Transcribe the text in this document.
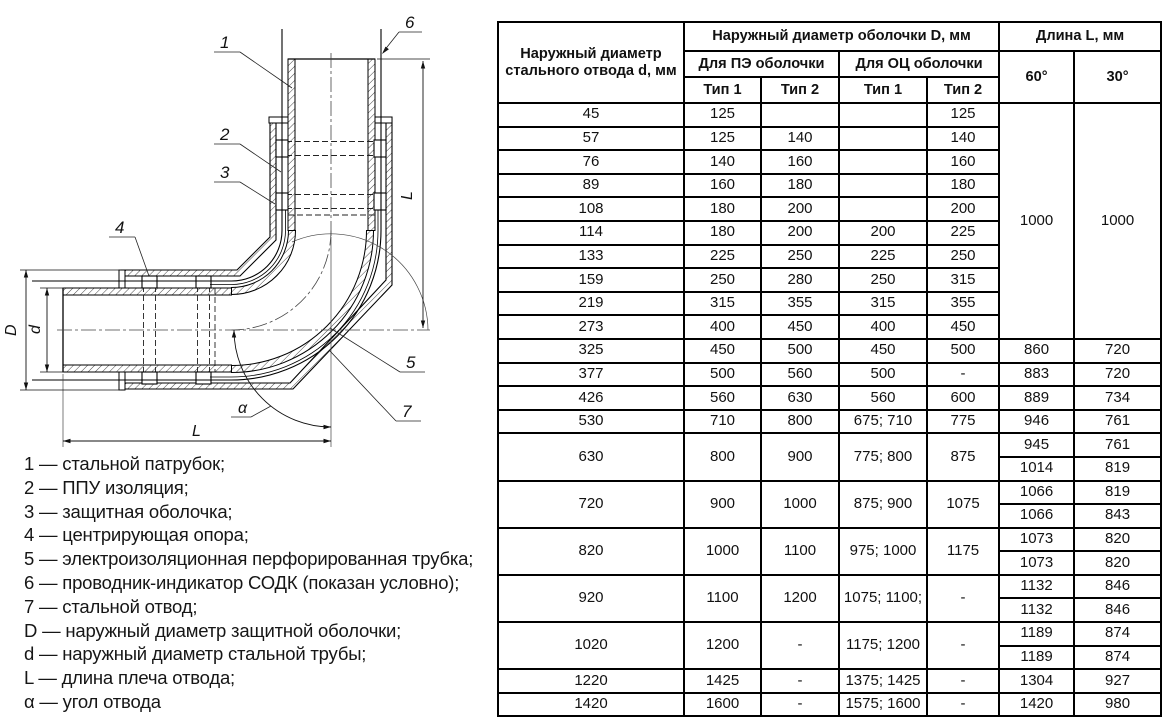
1
2
3
4
5
6
7
L
L
D d
α
1 — стальной патрубок;
2 — ППУ изоляция;
3 — защитная оболочка;
4 — центрирующая опора;
5 — электроизоляционная перфорированная трубка;
6 — проводник-индикатор СОДК (показан условно);
7 — стальной отвод;
D — наружный диаметр защитной оболочки;
d — наружный диаметр стальной трубы;
L — длина плеча отвода;
α — угол отвода
Наружный диаметр стального отвода d, мм	Наружный диаметр оболочки D, мм				Длина L, мм	
	Для ПЭ оболочки		Для ОЦ оболочки		60°	30°
	Тип 1	Тип 2	Тип 1	Тип 2		
45	125			125	1000	1000
57	125	140		140		
76	140	160		160		
89	160	180		180		
108	180	200		200		
114	180	200	200	225		
133	225	250	225	250		
159	250	280	250	315		
219	315	355	315	355		
273	400	450	400	450		
325	450	500	450	500	860	720
377	500	560	500	-	883	720
426	560	630	560	600	889	734
530	710	800	675; 710	775	946	761
630	800	900	775; 800	875	945	761
					1014	819
720	900	1000	875; 900	1075	1066	819
					1066	843
820	1000	1100	975; 1000	1175	1073	820
					1073	820
920	1100	1200	1075; 1100;	-	1132	846
					1132	846
1020	1200	-	1175; 1200	-	1189	874
					1189	874
1220	1425	-	1375; 1425	-	1304	927
1420	1600	-	1575; 1600	-	1420	980
